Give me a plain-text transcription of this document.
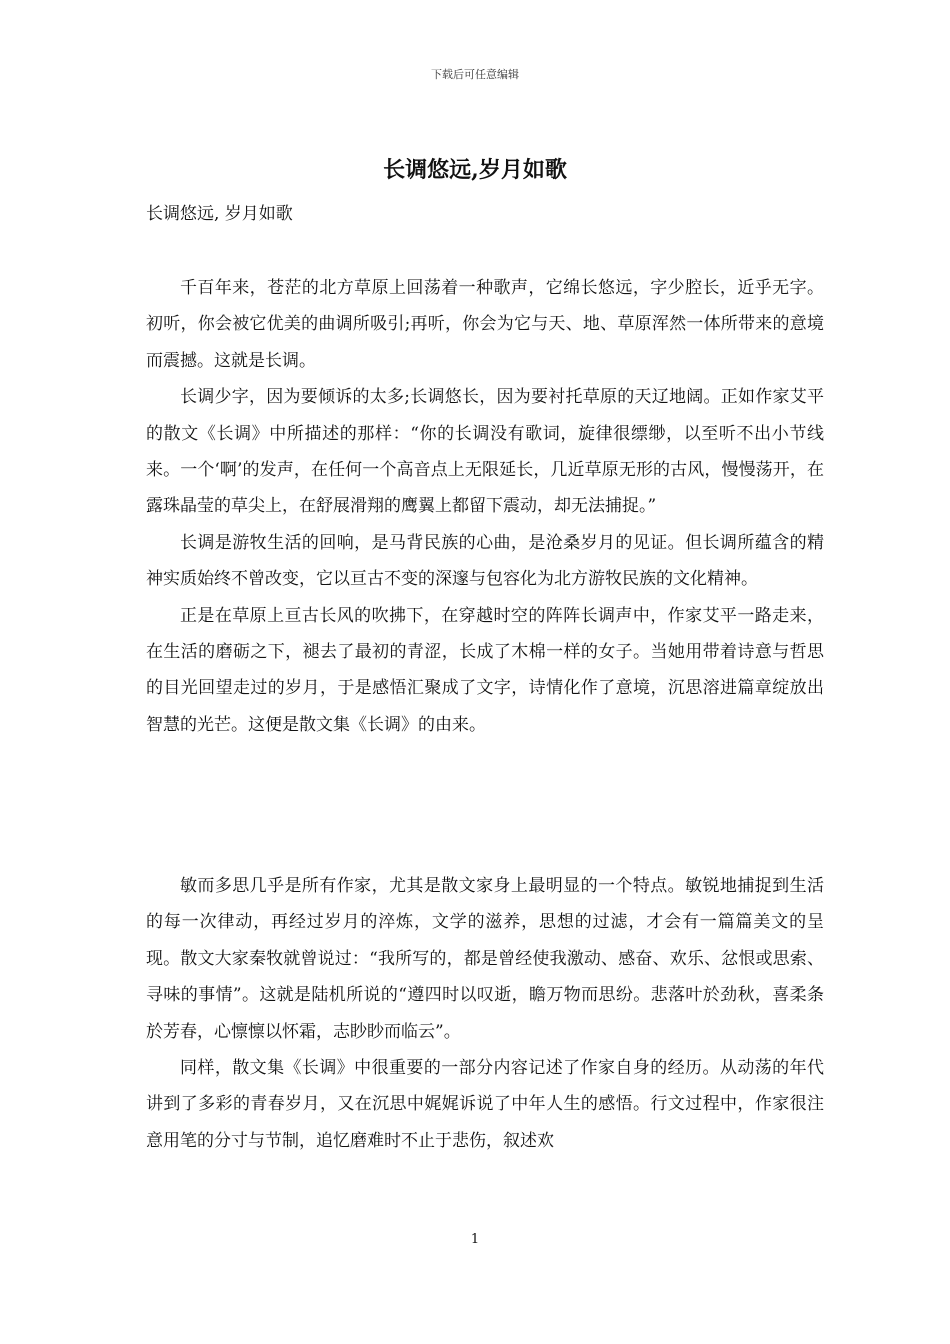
下载后可任意编辑
长调悠远,岁月如歌
长调悠远, 岁月如歌

千百年来，苍茫的北方草原上回荡着一种歌声，它绵长悠远，字少腔长，近乎无字。初听，你会被它优美的曲调所吸引;再听，你会为它与天、地、草原浑然一体所带来的意境而震撼。这就是长调。

长调少字，因为要倾诉的太多;长调悠长，因为要衬托草原的天辽地阔。正如作家艾平的散文《长调》中所描述的那样：“你的长调没有歌词，旋律很缥缈，以至听不出小节线来。一个‘啊’的发声，在任何一个高音点上无限延长，几近草原无形的古风，慢慢荡开，在露珠晶莹的草尖上，在舒展滑翔的鹰翼上都留下震动，却无法捕捉。”

长调是游牧生活的回响，是马背民族的心曲，是沧桑岁月的见证。但长调所蕴含的精神实质始终不曾改变，它以亘古不变的深邃与包容化为北方游牧民族的文化精神。

正是在草原上亘古长风的吹拂下，在穿越时空的阵阵长调声中，作家艾平一路走来，在生活的磨砺之下，褪去了最初的青涩，长成了木棉一样的女子。当她用带着诗意与哲思的目光回望走过的岁月，于是感悟汇聚成了文字，诗情化作了意境，沉思溶进篇章绽放出智慧的光芒。这便是散文集《长调》的由来。

敏而多思几乎是所有作家，尤其是散文家身上最明显的一个特点。敏锐地捕捉到生活的每一次律动，再经过岁月的淬炼，文学的滋养，思想的过滤，才会有一篇篇美文的呈现。散文大家秦牧就曾说过：“我所写的，都是曾经使我激动、感奋、欢乐、忿恨或思索、寻味的事情”。这就是陆机所说的“遵四时以叹逝，瞻万物而思纷。悲落叶於劲秋，喜柔条於芳春，心懔懔以怀霜，志眇眇而临云”。

同样，散文集《长调》中很重要的一部分内容记述了作家自身的经历。从动荡的年代讲到了多彩的青春岁月，又在沉思中娓娓诉说了中年人生的感悟。行文过程中，作家很注意用笔的分寸与节制，追忆磨难时不止于悲伤，叙述欢

1
